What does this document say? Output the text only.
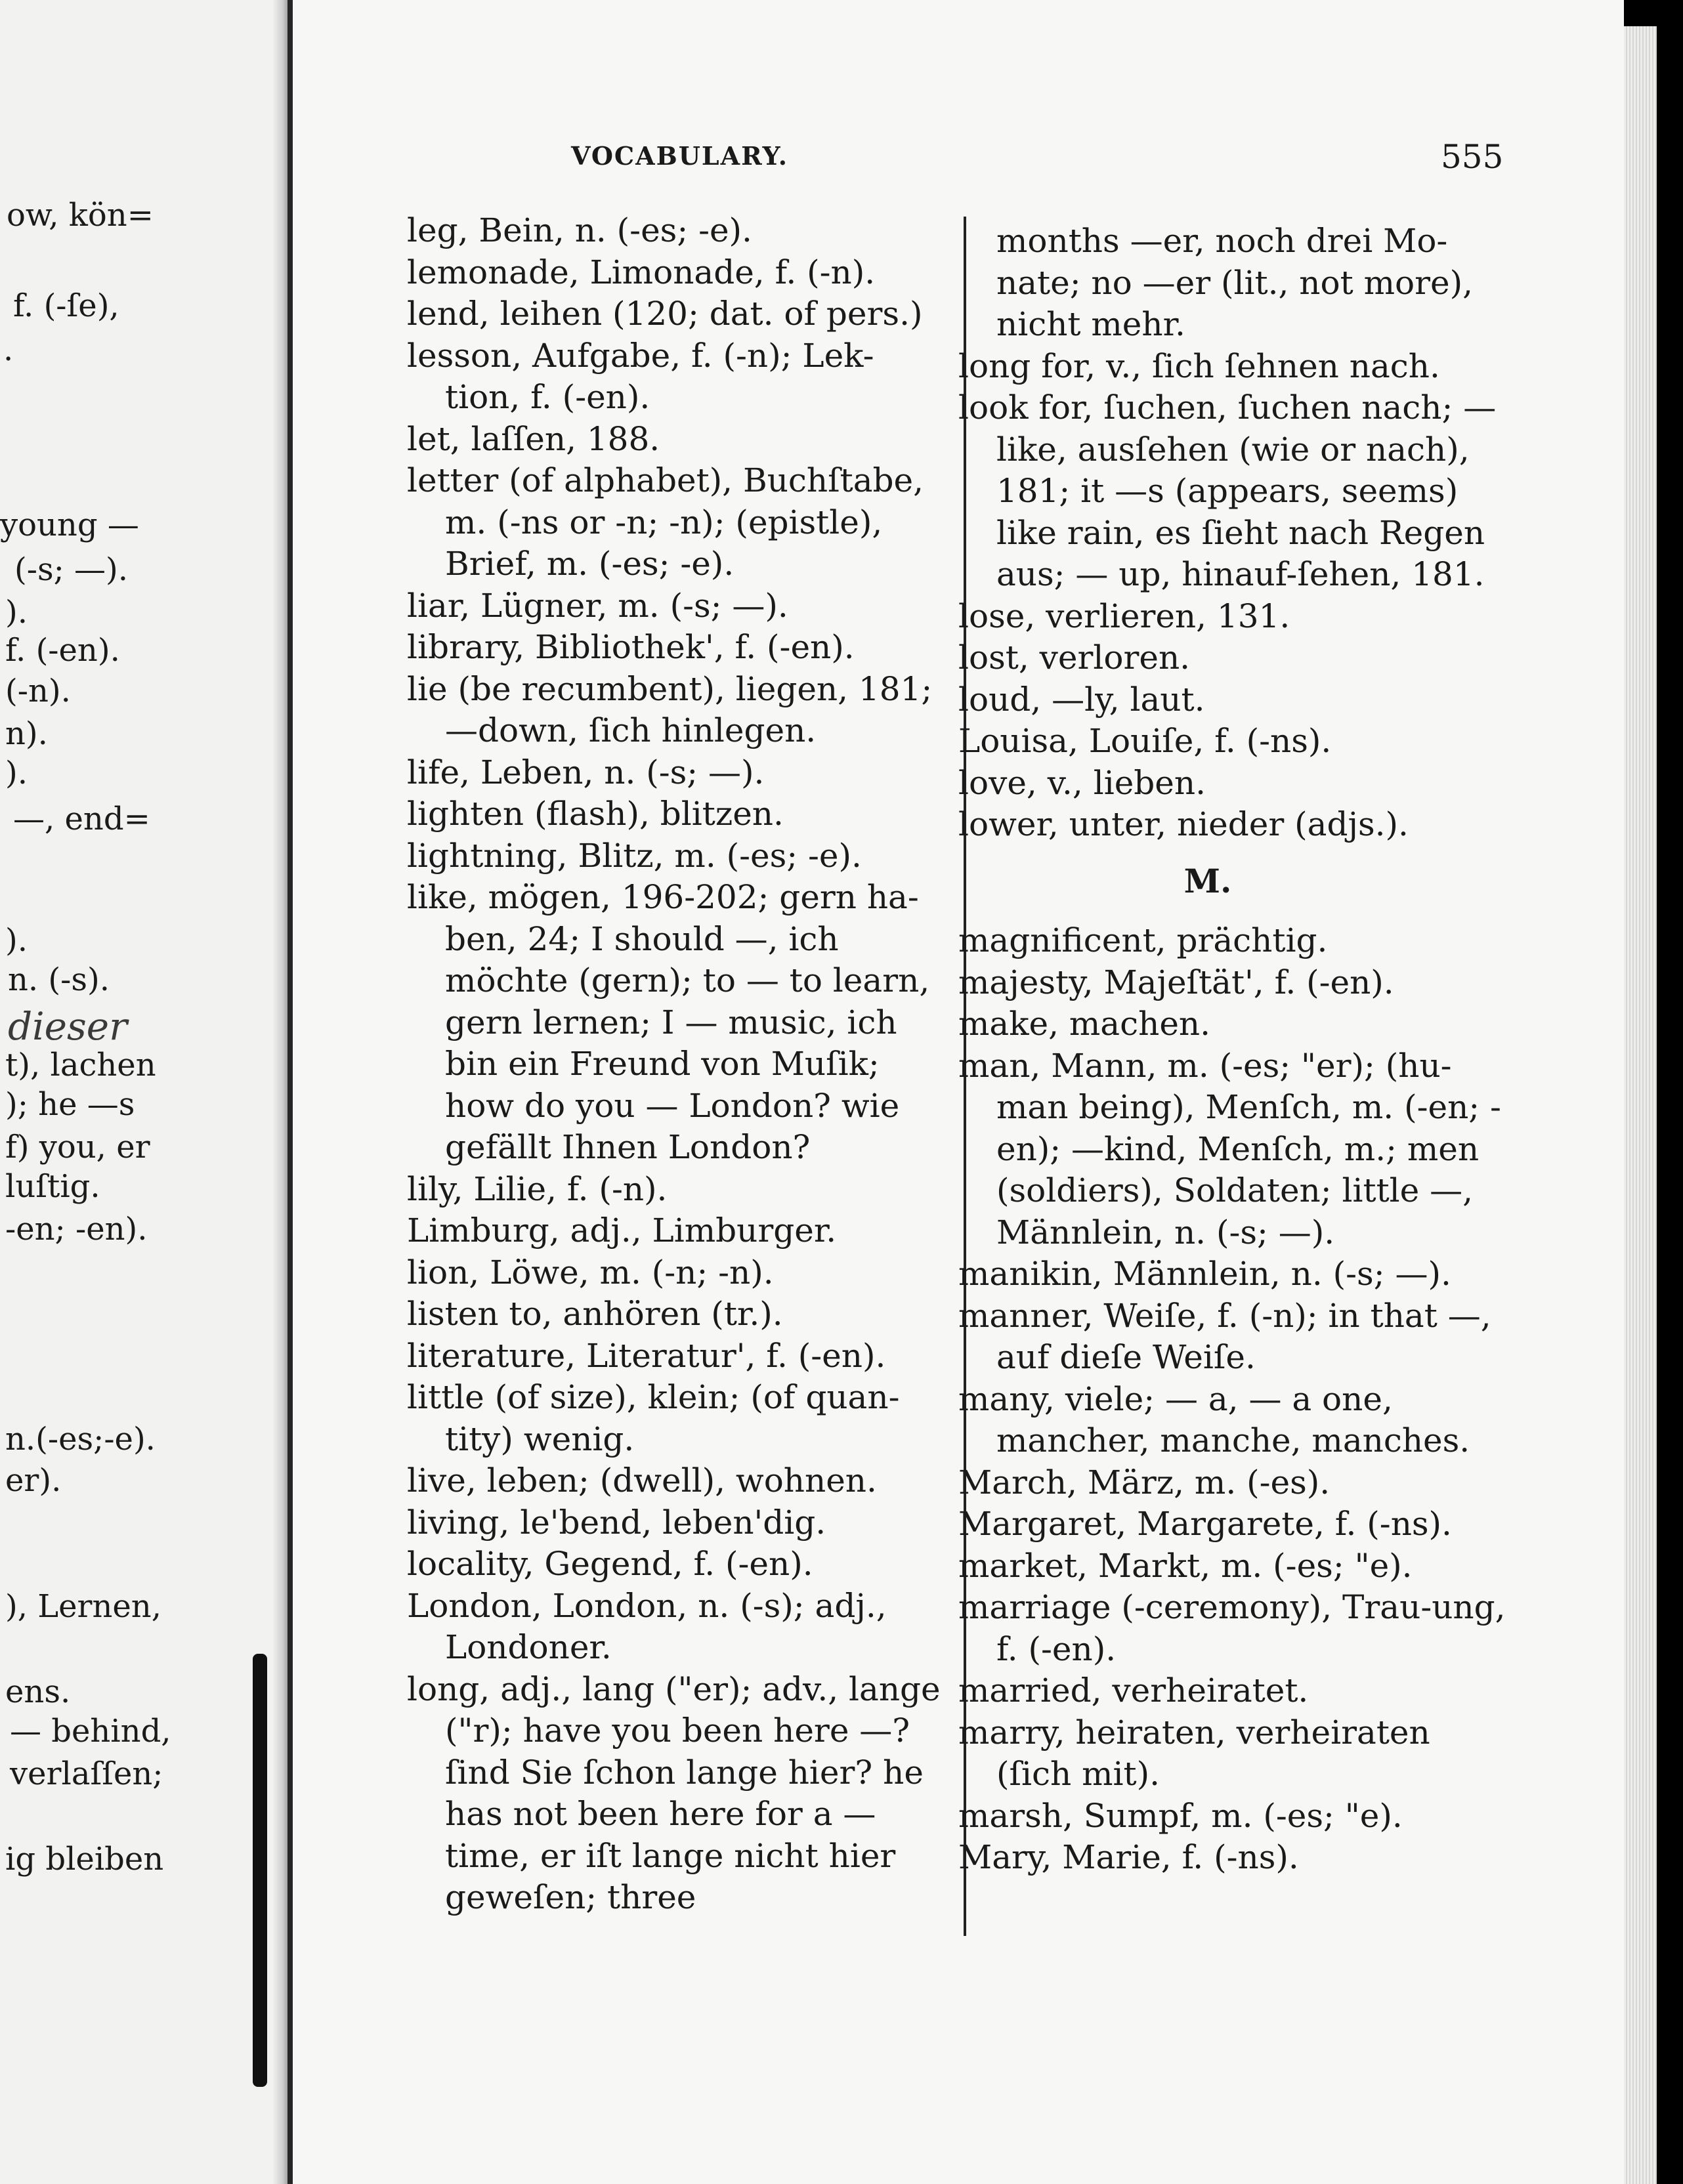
ow, kön=
f. (-ſe),
.
young —
(-s; —).
).
f. (-en).
(-n).
n).
).
—, end=
).
n. (-s).
t), lachen
); he —s
f) you, er
luſtig.
-en; -en).
n.(-es;-e).
er).
), Lernen,
ens.
— behind,
verlaſſen;
ig bleiben
dieser
VOCABULARY.	555

leg, Bein, n. (-es; -e).

lemonade, Limonade, f. (-n).

lend, leihen (120; dat. of pers.)

lesson, Aufgabe, f. (-n); Lek-tion, f. (-en).

let, laſſen, 188.

letter (of alphabet), Buchſtabe, m. (-ns or -n; -n); (epistle), Brief, m. (-es; -e).

liar, Lügner, m. (-s; —).

library, Bibliothek', f. (-en).

lie (be recumbent), liegen, 181; —down, ſich hinlegen.

life, Leben, n. (-s; —).

lighten (flash), blitzen.

lightning, Blitz, m. (-es; -e).

like, mögen, 196-202; gern ha-ben, 24; I should —, ich möchte (gern); to — to learn, gern lernen; I — music, ich bin ein Freund von Muſik; how do you — London? wie gefällt Ihnen London?

lily, Lilie, f. (-n).

Limburg, adj., Limburger.

lion, Löwe, m. (-n; -n).

listen to, anhören (tr.).

literature, Literatur', f. (-en).

little (of size), klein; (of quan-tity) wenig.

live, leben; (dwell), wohnen.

living, le'bend, leben'dig.

locality, Gegend, f. (-en).

London, London, n. (-s); adj., Londoner.

long, adj., lang ("er); adv., lange ("r); have you been here —? ſind Sie ſchon lange hier? he has not been here for a — time, er iſt lange nicht hier geweſen; three

months —er, noch drei Mo-nate; no —er (lit., not more), nicht mehr.

long for, v., ſich ſehnen nach.

look for, ſuchen, ſuchen nach; — like, ausſehen (wie or nach), 181; it —s (appears, seems) like rain, es ſieht nach Regen aus; — up, hinauf-ſehen, 181.

lose, verlieren, 131.

lost, verloren.

loud, —ly, laut.

Louisa, Louiſe, f. (-ns).

love, v., lieben.

lower, unter, nieder (adjs.).

M.

magnificent, prächtig.

majesty, Majeſtät', f. (-en).

make, machen.

man, Mann, m. (-es; "er); (hu-man being), Menſch, m. (-en; -en); —kind, Menſch, m.; men (soldiers), Soldaten; little —, Männlein, n. (-s; —).

manikin, Männlein, n. (-s; —).

manner, Weiſe, f. (-n); in that —, auf dieſe Weiſe.

many, viele; — a, — a one, mancher, manche, manches.

March, März, m. (-es).

Margaret, Margarete, f. (-ns).

market, Markt, m. (-es; "e).

marriage (-ceremony), Trau-ung, f. (-en).

married, verheiratet.

marry, heiraten, verheiraten (ſich mit).

marsh, Sumpf, m. (-es; "e).

Mary, Marie, f. (-ns).
